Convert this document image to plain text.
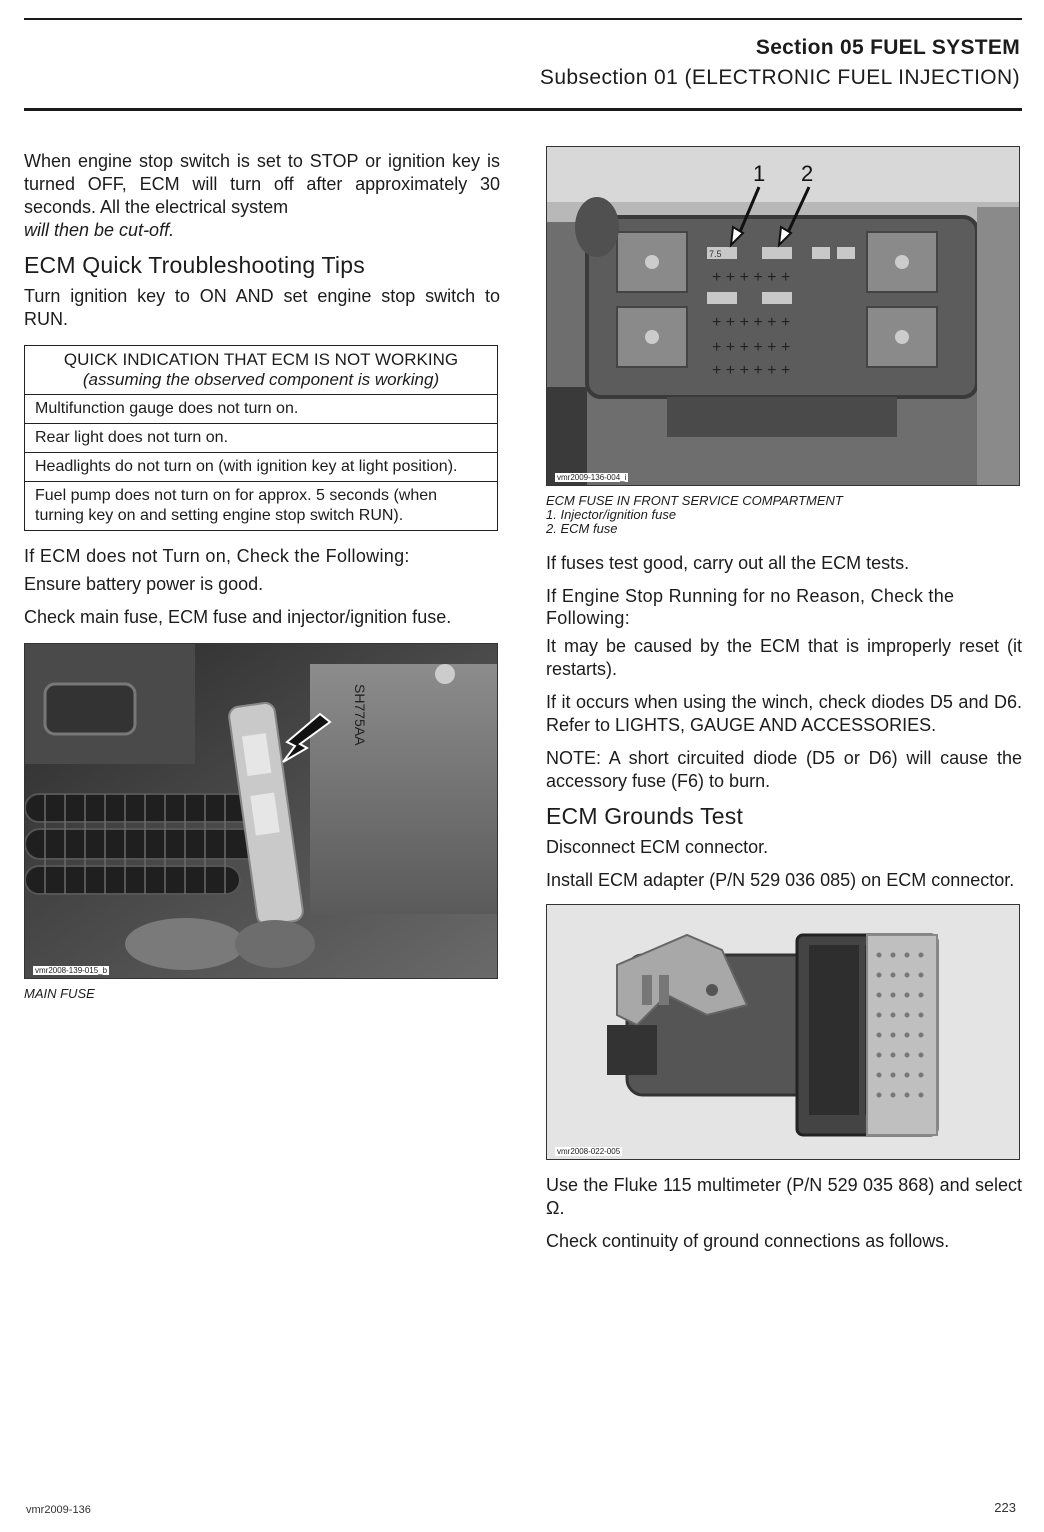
Section 05 FUEL SYSTEM
Subsection 01 (ELECTRONIC FUEL INJECTION)

When engine stop switch is set to STOP or ignition key is turned OFF, ECM will turn off after approximately 30 seconds. All the electrical system

will then be cut-off.

ECM Quick Troubleshooting Tips

Turn ignition key to ON AND set engine stop switch to RUN.

QUICK INDICATION THAT ECM IS NOT WORKING
(assuming the observed component is working)

Multifunction gauge does not turn on.
Rear light does not turn on.
Headlights do not turn on (with ignition key at light position).
Fuel pump does not turn on for approx. 5 seconds (when turning key on and setting engine stop switch RUN).
If ECM does not Turn on, Check the Following:

Ensure battery power is good.

Check main fuse, ECM fuse and injector/ignition fuse.

SH775AA
vmr2008-139-015_b
MAIN FUSE
7.5
+ + + + + +
+ + + + + +
+ + + + + +
+ + + + + +
1 2
vmr2009-136-004_i
ECM FUSE IN FRONT SERVICE COMPARTMENT
1. Injector/ignition fuse
2. ECM fuse

If fuses test good, carry out all the ECM tests.

If Engine Stop Running for no Reason, Check the Following:

It may be caused by the ECM that is improperly reset (it restarts).

If it occurs when using the winch, check diodes D5 and D6. Refer to LIGHTS, GAUGE AND ACCESSORIES.

NOTE: A short circuited diode (D5 or D6) will cause the accessory fuse (F6) to burn.

ECM Grounds Test

Disconnect ECM connector.

Install ECM adapter (P/N 529 036 085) on ECM connector.

vmr2008-022-005

Use the Fluke 115 multimeter (P/N 529 035 868) and select Ω.

Check continuity of ground connections as follows.

vmr2009-136	223
